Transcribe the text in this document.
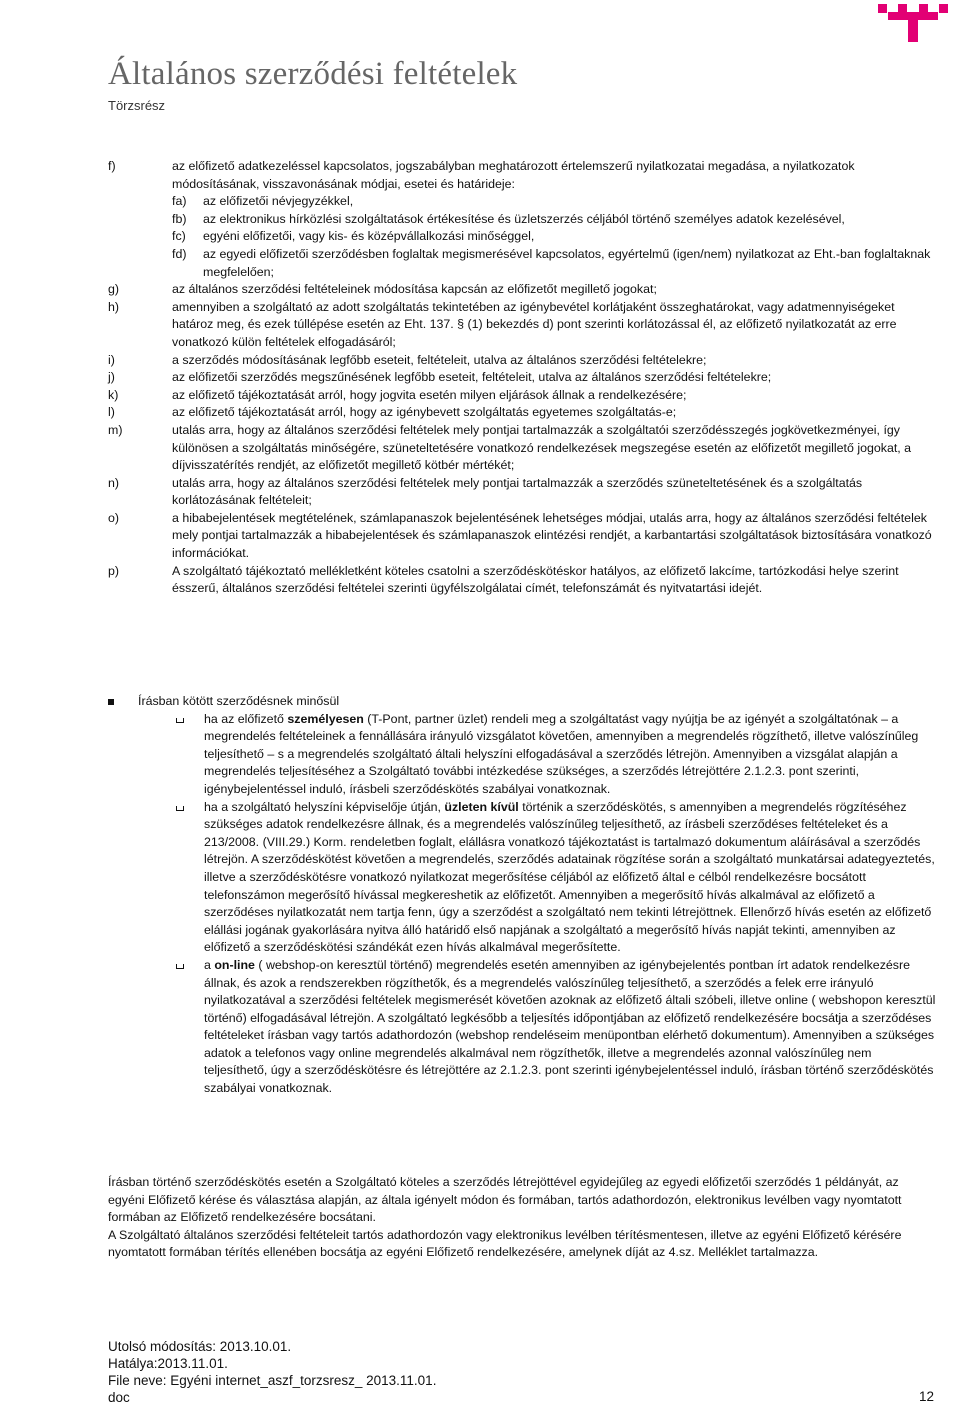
Általános szerződési feltételek
Törzsrész
f)	az előfizető adatkezeléssel kapcsolatos, jogszabályban meghatározott értelemszerű nyilatkozatai megadása, a nyilatkozatok módosításának, visszavonásának módjai, esetei és határideje:
fa)	az előfizetői névjegyzékkel,
fb)	az elektronikus hírközlési szolgáltatások értékesítése és üzletszerzés céljából történő személyes adatok kezelésével,
fc)	egyéni előfizetői, vagy kis- és középvállalkozási minőséggel,
fd)	az egyedi előfizetői szerződésben foglaltak megismerésével kapcsolatos, egyértelmű (igen/nem) nyilatkozat az Eht.-ban foglaltaknak megfelelően;
g)	az általános szerződési feltételeinek módosítása kapcsán az előfizetőt megillető jogokat;
h)	amennyiben a szolgáltató az adott szolgáltatás tekintetében az igénybevétel korlátjaként összeghatárokat, vagy adatmennyiségeket határoz meg, és ezek túllépése esetén az Eht. 137. § (1) bekezdés d) pont szerinti korlátozással él, az előfizető nyilatkozatát az erre vonatkozó külön feltételek elfogadásáról;
i)	a szerződés módosításának legfőbb eseteit, feltételeit, utalva az általános szerződési feltételekre;
j)	az előfizetői szerződés megszűnésének legfőbb eseteit, feltételeit, utalva az általános szerződési feltételekre;
k)	az előfizető tájékoztatását arról, hogy jogvita esetén milyen eljárások állnak a rendelkezésére;
l)	az előfizető tájékoztatását arról, hogy az igénybevett szolgáltatás egyetemes szolgáltatás-e;
m)	utalás arra, hogy az általános szerződési feltételek mely pontjai tartalmazzák a szolgáltatói szerződésszegés jogkövetkezményei, így különösen a szolgáltatás minőségére, szüneteltetésére vonatkozó rendelkezések megszegése esetén az előfizetőt megillető jogokat, a díjvisszatérítés rendjét, az előfizetőt megillető kötbér mértékét;
n)	utalás arra, hogy az általános szerződési feltételek mely pontjai tartalmazzák a szerződés szüneteltetésének és a szolgáltatás korlátozásának feltételeit;
o)	a hibabejelentések megtételének, számlapanaszok bejelentésének lehetséges módjai, utalás arra, hogy az általános szerződési feltételek mely pontjai tartalmazzák a hibabejelentések és számlapanaszok elintézési rendjét, a karbantartási szolgáltatások biztosítására vonatkozó információkat.
p)	A szolgáltató tájékoztató mellékletként köteles csatolni a szerződéskötéskor hatályos, az előfizető lakcíme, tartózkodási helye szerint ésszerű, általános szerződési feltételei szerinti ügyfélszolgálatai címét, telefonszámát és nyitvatartási idejét.
Írásban kötött szerződésnek minősül
ha az előfizető személyesen (T-Pont, partner üzlet) rendeli meg a szolgáltatást vagy nyújtja be az igényét a szolgáltatónak – a megrendelés feltételeinek a fennállására irányuló vizsgálatot követően, amennyiben a megrendelés rögzíthető, illetve valószínűleg teljesíthető – s a megrendelés szolgáltató általi helyszíni elfogadásával a szerződés létrejön. Amennyiben a vizsgálat alapján a megrendelés teljesítéséhez a Szolgáltató további intézkedése szükséges, a szerződés létrejöttére 2.1.2.3. pont szerinti, igénybejelentéssel induló, írásbeli szerződéskötés szabályai vonatkoznak.
ha a szolgáltató helyszíni képviselője útján, üzleten kívül történik a szerződéskötés, s amennyiben a megrendelés rögzítéséhez szükséges adatok rendelkezésre állnak, és a megrendelés valószínűleg teljesíthető, az írásbeli szerződéses feltételeket és a 213/2008. (VIII.29.) Korm. rendeletben foglalt, elállásra vonatkozó tájékoztatást is tartalmazó dokumentum aláírásával a szerződés létrejön. A szerződéskötést követően a megrendelés, szerződés adatainak rögzítése során a szolgáltató munkatársai adategyeztetés, illetve a szerződéskötésre vonatkozó nyilatkozat megerősítése céljából az előfizető által e célból rendelkezésre bocsátott telefonszámon megerősítő hívással megkereshetik az előfizetőt. Amennyiben a megerősítő hívás alkalmával az előfizető a szerződéses nyilatkozatát nem tartja fenn, úgy a szerződést a szolgáltató nem tekinti létrejöttnek. Ellenőrző hívás esetén az előfizető elállási jogának gyakorlására nyitva álló határidő első napjának a szolgáltató a megerősítő hívás napját tekinti, amennyiben az előfizető a szerződéskötési szándékát ezen hívás alkalmával megerősítette.
a on-line ( webshop-on keresztül történő) megrendelés esetén amennyiben az igénybejelentés pontban írt adatok rendelkezésre állnak, és azok a rendszerekben rögzíthetők, és a megrendelés valószínűleg teljesíthető, a szerződés a felek erre irányuló nyilatkozatával a szerződési feltételek megismerését követően azoknak az előfizető általi szóbeli, illetve online ( webshopon keresztül történő) elfogadásával létrejön. A szolgáltató legkésőbb a teljesítés időpontjában az előfizető rendelkezésére bocsátja a szerződéses feltételeket írásban vagy tartós adathordozón (webshop rendeléseim menüpontban elérhető dokumentum). Amennyiben a szükséges adatok a telefonos vagy online megrendelés alkalmával nem rögzíthetők, illetve a megrendelés azonnal valószínűleg nem teljesíthető, úgy a szerződéskötésre és létrejöttére az 2.1.2.3. pont szerinti igénybejelentéssel induló, írásban történő szerződéskötés szabályai vonatkoznak.

Írásban történő szerződéskötés esetén a Szolgáltató köteles a szerződés létrejöttével egyidejűleg az egyedi előfizetői szerződés 1 példányát, az egyéni Előfizető kérése és választása alapján, az általa igényelt módon és formában, tartós adathordozón, elektronikus levélben vagy nyomtatott formában az Előfizető rendelkezésére bocsátani.

A Szolgáltató általános szerződési feltételeit tartós adathordozón vagy elektronikus levélben térítésmentesen, illetve az egyéni Előfizető kérésére nyomtatott formában térítés ellenében bocsátja az egyéni Előfizető rendelkezésére, amelynek díját az 4.sz. Melléklet tartalmazza.

Utolsó módosítás: 2013.10.01.
Hatálya:2013.11.01.
File neve: Egyéni internet_aszf_torzsresz_ 2013.11.01.
doc	12
